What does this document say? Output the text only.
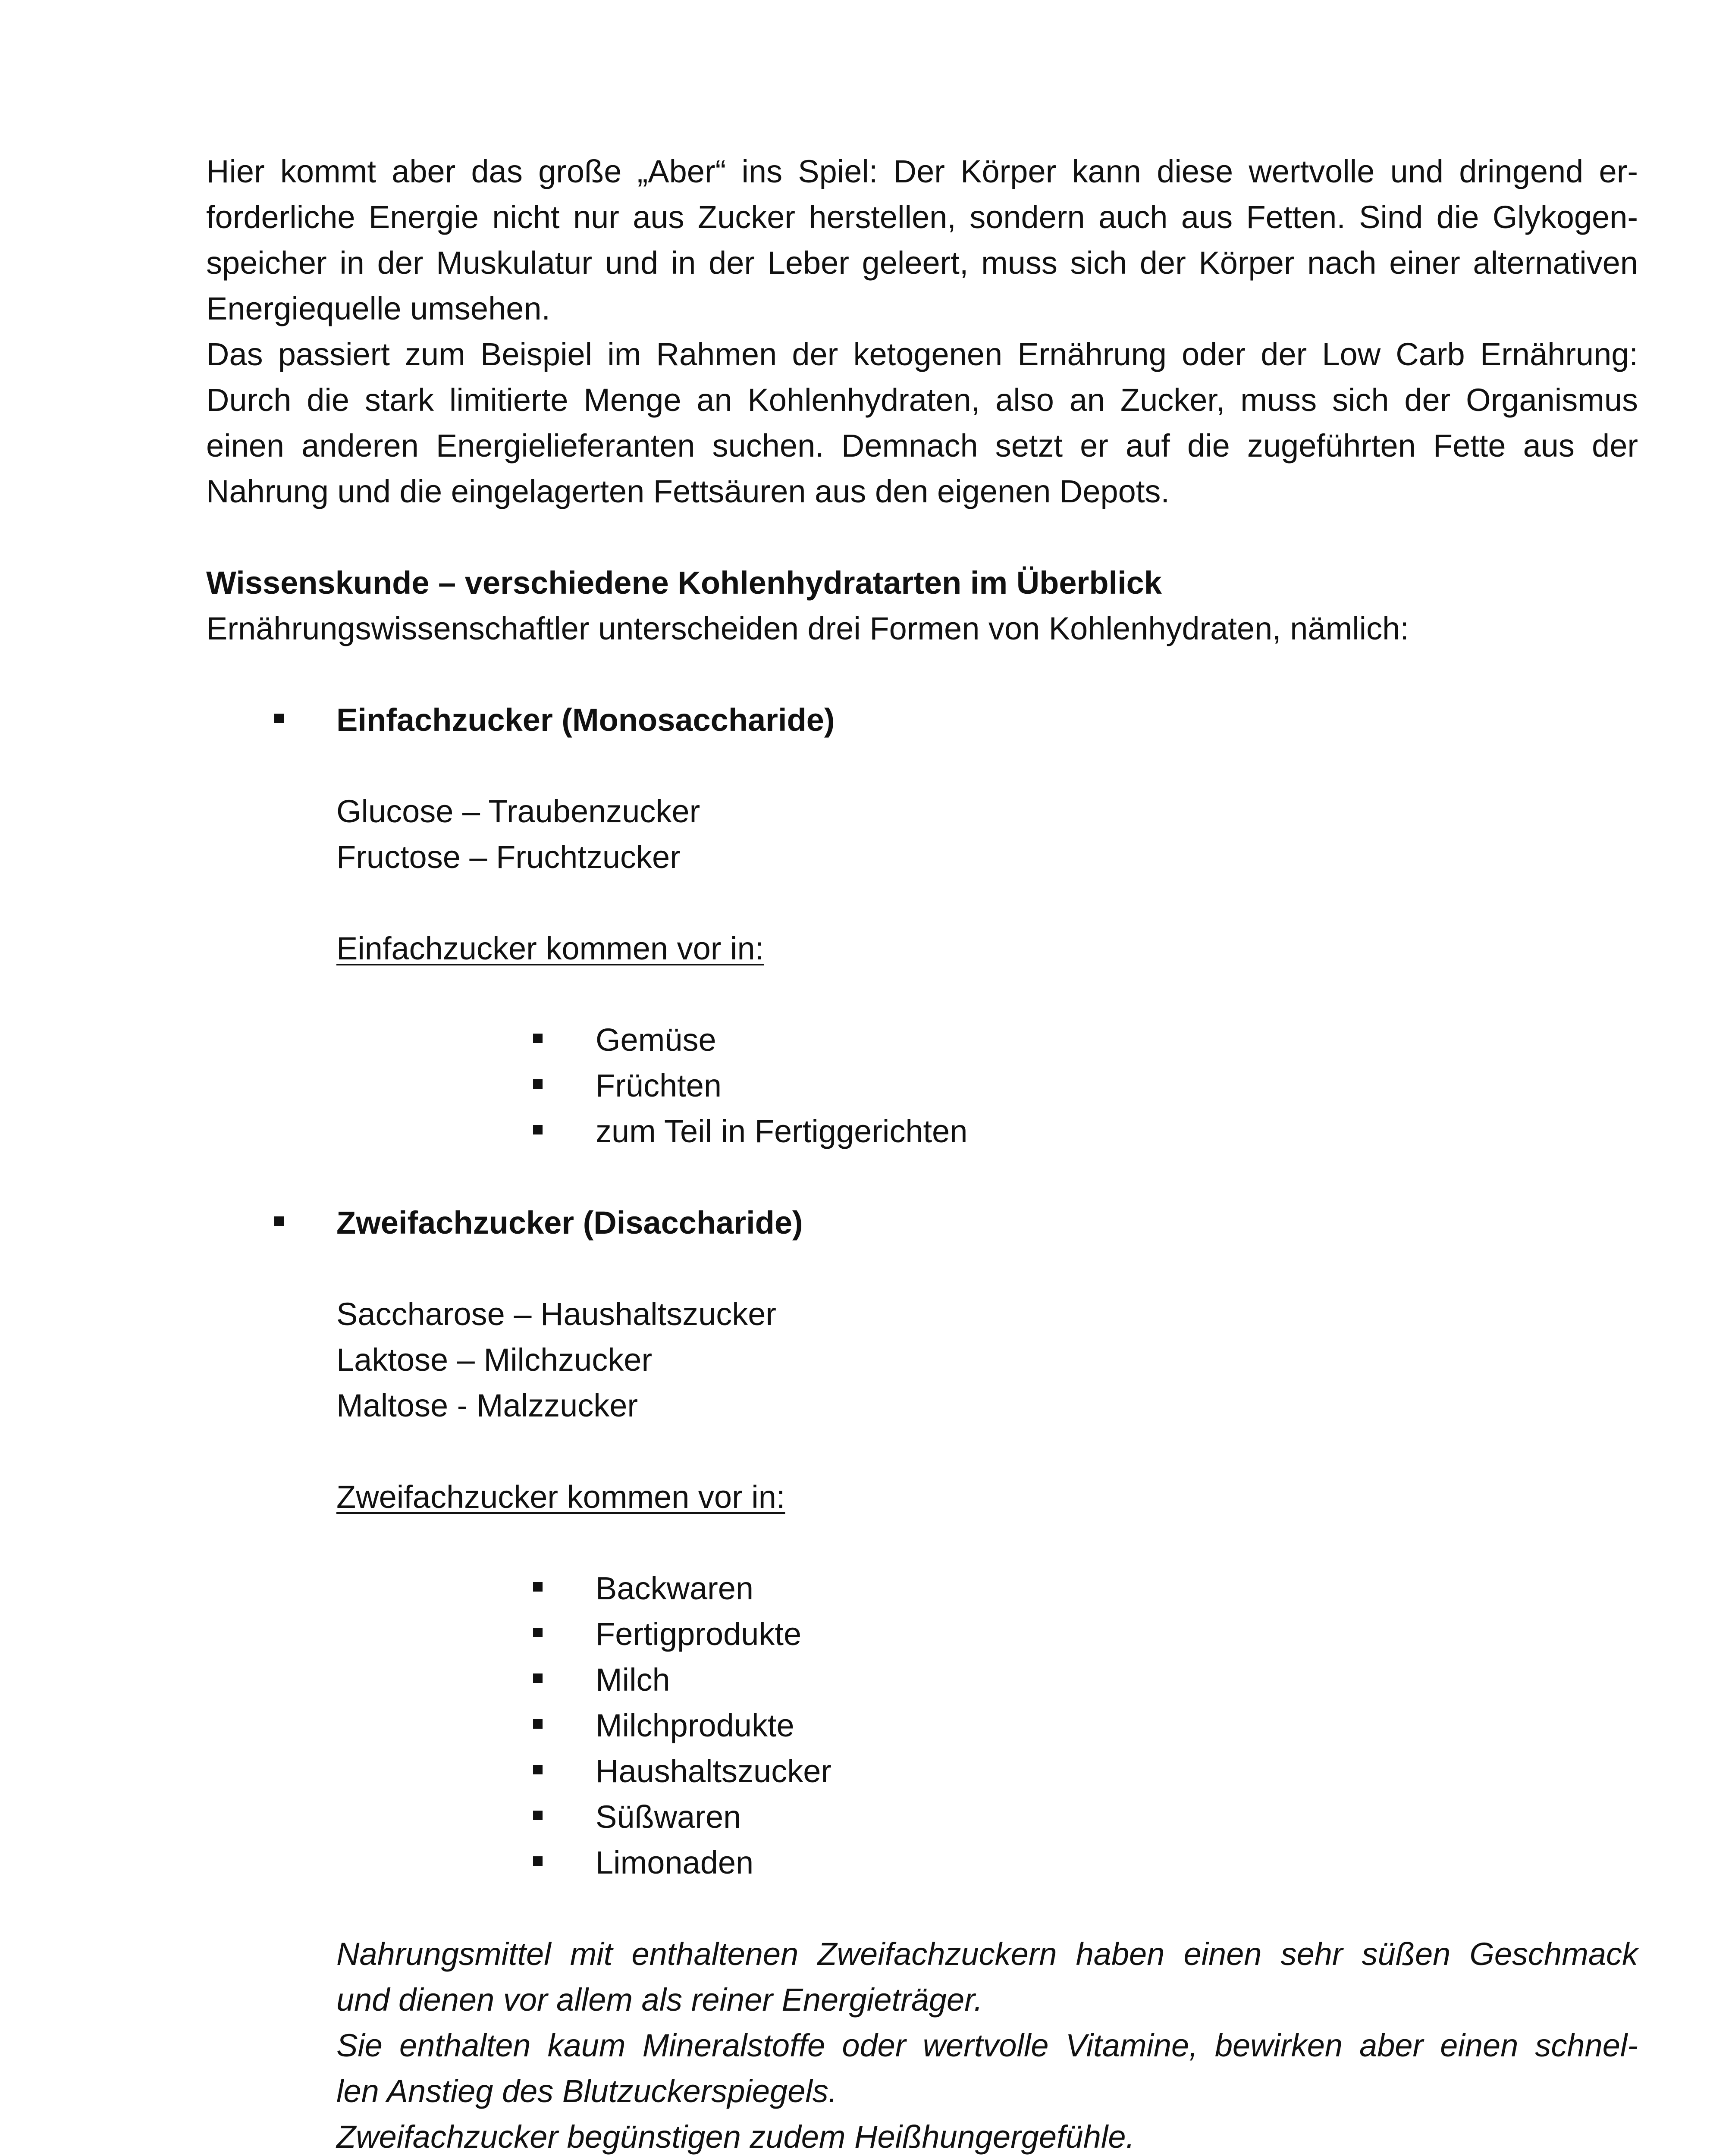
Hier kommt aber das große „Aber“ ins Spiel: Der Körper kann diese wertvolle und dringend er-
forderliche Energie nicht nur aus Zucker herstellen, sondern auch aus Fetten. Sind die Glykogen-
speicher in der Muskulatur und in der Leber geleert, muss sich der Körper nach einer alternativen
Energiequelle umsehen.
Das passiert zum Beispiel im Rahmen der ketogenen Ernährung oder der Low Carb Ernährung:
Durch die stark limitierte Menge an Kohlenhydraten, also an Zucker, muss sich der Organismus
einen anderen Energielieferanten suchen. Demnach setzt er auf die zugeführten Fette aus der
Nahrung und die eingelagerten Fettsäuren aus den eigenen Depots.
Wissenskunde – verschiedene Kohlenhydratarten im Überblick
Ernährungswissenschaftler unterscheiden drei Formen von Kohlenhydraten, nämlich:
Einfachzucker (Monosaccharide)
Glucose – Traubenzucker
Fructose – Fruchtzucker
Einfachzucker kommen vor in:
Gemüse
Früchten
zum Teil in Fertiggerichten
Zweifachzucker (Disaccharide)
Saccharose – Haushaltszucker
Laktose – Milchzucker
Maltose - Malzzucker
Zweifachzucker kommen vor in:
Backwaren
Fertigprodukte
Milch
Milchprodukte
Haushaltszucker
Süßwaren
Limonaden
Nahrungsmittel mit enthaltenen Zweifachzuckern haben einen sehr süßen Geschmack
und dienen vor allem als reiner Energieträger.
Sie enthalten kaum Mineralstoffe oder wertvolle Vitamine, bewirken aber einen schnel-
len Anstieg des Blutzuckerspiegels.
Zweifachzucker begünstigen zudem Heißhungergefühle.
